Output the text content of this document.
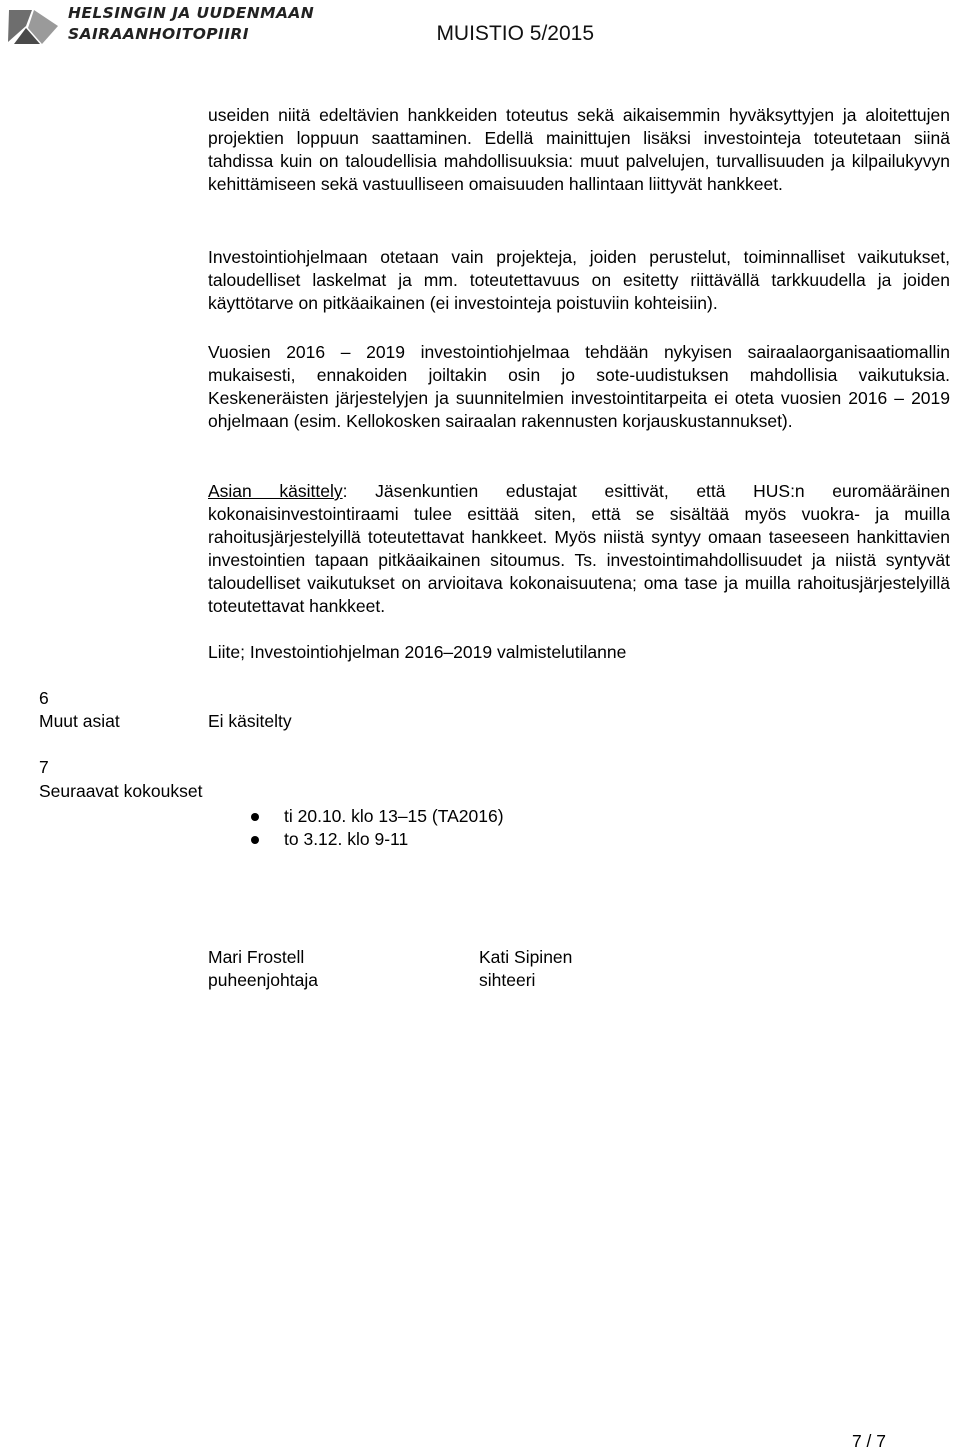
HELSINGIN JA UUDENMAAN
SAIRAANHOITOPIIRI	MUISTIO 5/2015

useiden niitä edeltävien hankkeiden toteutus sekä aikaisemmin hyväksyttyjen ja aloitettujen projektien loppuun saattaminen. Edellä mainittujen lisäksi investointeja toteutetaan siinä tahdissa kuin on taloudellisia mahdollisuuksia: muut palvelujen, turvallisuuden ja kilpailukyvyn kehittämiseen sekä vastuulliseen omaisuuden hallintaan liittyvät hankkeet.

Investointiohjelmaan otetaan vain projekteja, joiden perustelut, toiminnalliset vaikutukset, taloudelliset laskelmat ja mm. toteutettavuus on esitetty riittävällä tarkkuudella ja joiden käyttötarve on pitkäaikainen (ei investointeja poistuviin kohteisiin).

Vuosien 2016 – 2019 investointiohjelmaa tehdään nykyisen sairaalaorganisaatiomallin mukaisesti, ennakoiden joiltakin osin jo sote-uudistuksen mahdollisia vaikutuksia. Keskeneräisten järjestelyjen ja suunnitelmien investointitarpeita ei oteta vuosien 2016 – 2019 ohjelmaan (esim. Kellokosken sairaalan rakennusten korjauskustannukset).

Asian käsittely: Jäsenkuntien edustajat esittivät, että HUS:n euromääräinen kokonaisinvestointiraami tulee esittää siten, että se sisältää myös vuokra- ja muilla rahoitusjärjestelyillä toteutettavat hankkeet. Myös niistä syntyy omaan taseeseen hankittavien investointien tapaan pitkäaikainen sitoumus. Ts. investointimahdollisuudet ja niistä syntyvät taloudelliset vaikutukset on arvioitava kokonaisuutena; oma tase ja muilla rahoitusjärjestelyillä toteutettavat hankkeet.

Liite; Investointiohjelman 2016–2019 valmistelutilanne
6
Muut asiat	Ei käsitelty
7
Seuraavat kokoukset
ti 20.10. klo 13–15 (TA2016)
to 3.12. klo 9-11
Mari Frostell
puheenjohtaja
Kati Sipinen
sihteeri
7 / 7
